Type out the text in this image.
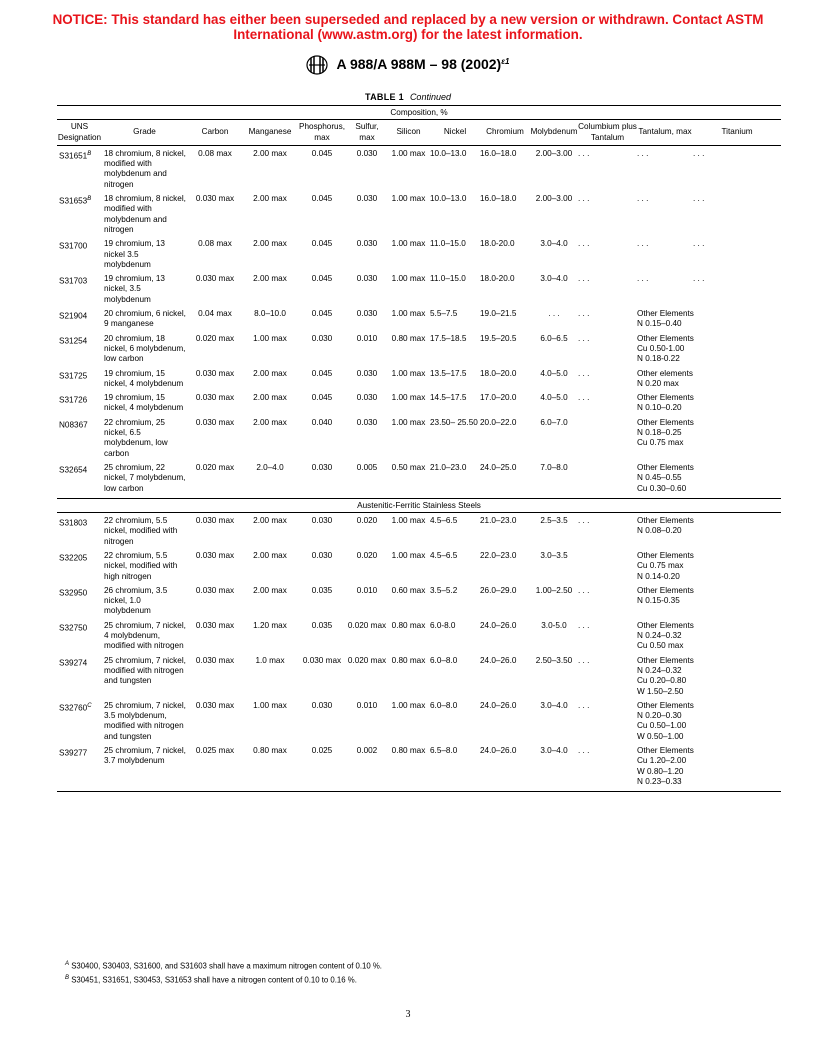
NOTICE: This standard has either been superseded and replaced by a new version or withdrawn. Contact ASTM
International (www.astm.org) for the latest information.
A 988/A 988M – 98 $(2002)^{\varepsilon 1}$
TABLE 1 Continued
Composition, %												
UNS Designation	Grade	Carbon	Manganese	Phosphorus, max	Sulfur, max	Silicon	Nickel	Chromium	Molybdenum	Columbium plus Tantalum	Tantalum, max	Titanium
$S31651^B$	18 chromium, 8 nickel, modified with molybdenum and nitrogen	0.08 max	2.00 max	0.045	0.030	1.00 max	10.0–13.0	16.0–18.0	2.00–3.00	. . .	. . .	. . .
$S31653^B$	18 chromium, 8 nickel, modified with molybdenum and nitrogen	0.030 max	2.00 max	0.045	0.030	1.00 max	10.0–13.0	16.0–18.0	2.00–3.00	. . .	. . .	. . .
S31700	19 chromium, 13 nickel 3.5 molybdenum	0.08 max	2.00 max	0.045	0.030	1.00 max	11.0–15.0	18.0-20.0	3.0–4.0	. . .	. . .	. . .
S31703	19 chromium, 13 nickel, 3.5 molybdenum	0.030 max	2.00 max	0.045	0.030	1.00 max	11.0–15.0	18.0-20.0	3.0–4.0	. . .	. . .	. . .
S21904	20 chromium, 6 nickel, 9 manganese	0.04 max	8.0–10.0	0.045	0.030	1.00 max	5.5–7.5	19.0–21.5	. . .	. . .	Other Elements
N 0.15–0.40	

S31254	20 chromium, 18 nickel, 6 molybdenum, low carbon	0.020 max	1.00 max	0.030	0.010	0.80 max	17.5–18.5	19.5–20.5	6.0–6.5	. . .	Other Elements
Cu 0.50-1.00
N 0.18-0.22	

S31725	19 chromium, 15 nickel, 4 molybdenum	0.030 max	2.00 max	0.045	0.030	1.00 max	13.5–17.5	18.0–20.0	4.0–5.0	. . .	Other elements
N 0.20 max	

S31726	19 chromium, 15 nickel, 4 molybdenum	0.030 max	2.00 max	0.045	0.030	1.00 max	14.5–17.5	17.0–20.0	4.0–5.0	. . .	Other Elements
N 0.10–0.20	

N08367	22 chromium, 25 nickel, 6.5 molybdenum, low carbon	0.030 max	2.00 max	0.040	0.030	1.00 max	23.50– 25.50	20.0–22.0	6.0–7.0		Other Elements
N 0.18–0.25
Cu 0.75 max	

S32654	25 chromium, 22 nickel, 7 molybdenum, low carbon	0.020 max	2.0–4.0	0.030	0.005	0.50 max	21.0–23.0	24.0–25.0	7.0–8.0		Other Elements
N 0.45–0.55
Cu 0.30–0.60	

Austenitic-Ferritic Stainless Steels												
S31803	22 chromium, 5.5 nickel, modified with nitrogen	0.030 max	2.00 max	0.030	0.020	1.00 max	4.5–6.5	21.0–23.0	2.5–3.5	. . .	Other Elements
N 0.08–0.20	

S32205	22 chromium, 5.5 nickel, modified with high nitrogen	0.030 max	2.00 max	0.030	0.020	1.00 max	4.5–6.5	22.0–23.0	3.0–3.5		Other Elements
Cu 0.75 max
N 0.14-0.20	

S32950	26 chromium, 3.5 nickel, 1.0 molybdenum	0.030 max	2.00 max	0.035	0.010	0.60 max	3.5–5.2	26.0–29.0	1.00–2.50	. . .	Other Elements
N 0.15-0.35	

S32750	25 chromium, 7 nickel, 4 molybdenum, modified with nitrogen	0.030 max	1.20 max	0.035	0.020 max	0.80 max	6.0-8.0	24.0–26.0	3.0-5.0	. . .	Other Elements
N 0.24–0.32
Cu 0.50 max	

S39274	25 chromium, 7 nickel, modified with nitrogen and tungsten	0.030 max	1.0 max	0.030 max	0.020 max	0.80 max	6.0–8.0	24.0–26.0	2.50–3.50	. . .	Other Elements
N 0.24–0.32
Cu 0.20–0.80
W 1.50–2.50	

$S32760^C$	25 chromium, 7 nickel, 3.5 molybdenum, modified with nitrogen and tungsten	0.030 max	1.00 max	0.030	0.010	1.00 max	6.0–8.0	24.0–26.0	3.0–4.0	. . .	Other Elements
N 0.20–0.30
Cu 0.50–1.00
W 0.50–1.00	

S39277	25 chromium, 7 nickel, 3.7 molybdenum	0.025 max	0.80 max	0.025	0.002	0.80 max	6.5–8.0	24.0–26.0	3.0–4.0	. . .	Other Elements
Cu 1.20–2.00
W 0.80–1.20
N 0.23–0.33	
$^A$ S30400, S30403, S31600, and S31603 shall have a maximum nitrogen content of 0.10 %.
$^B$ S30451, S31651, S30453, S31653 shall have a nitrogen content of 0.10 to 0.16 %.
3
